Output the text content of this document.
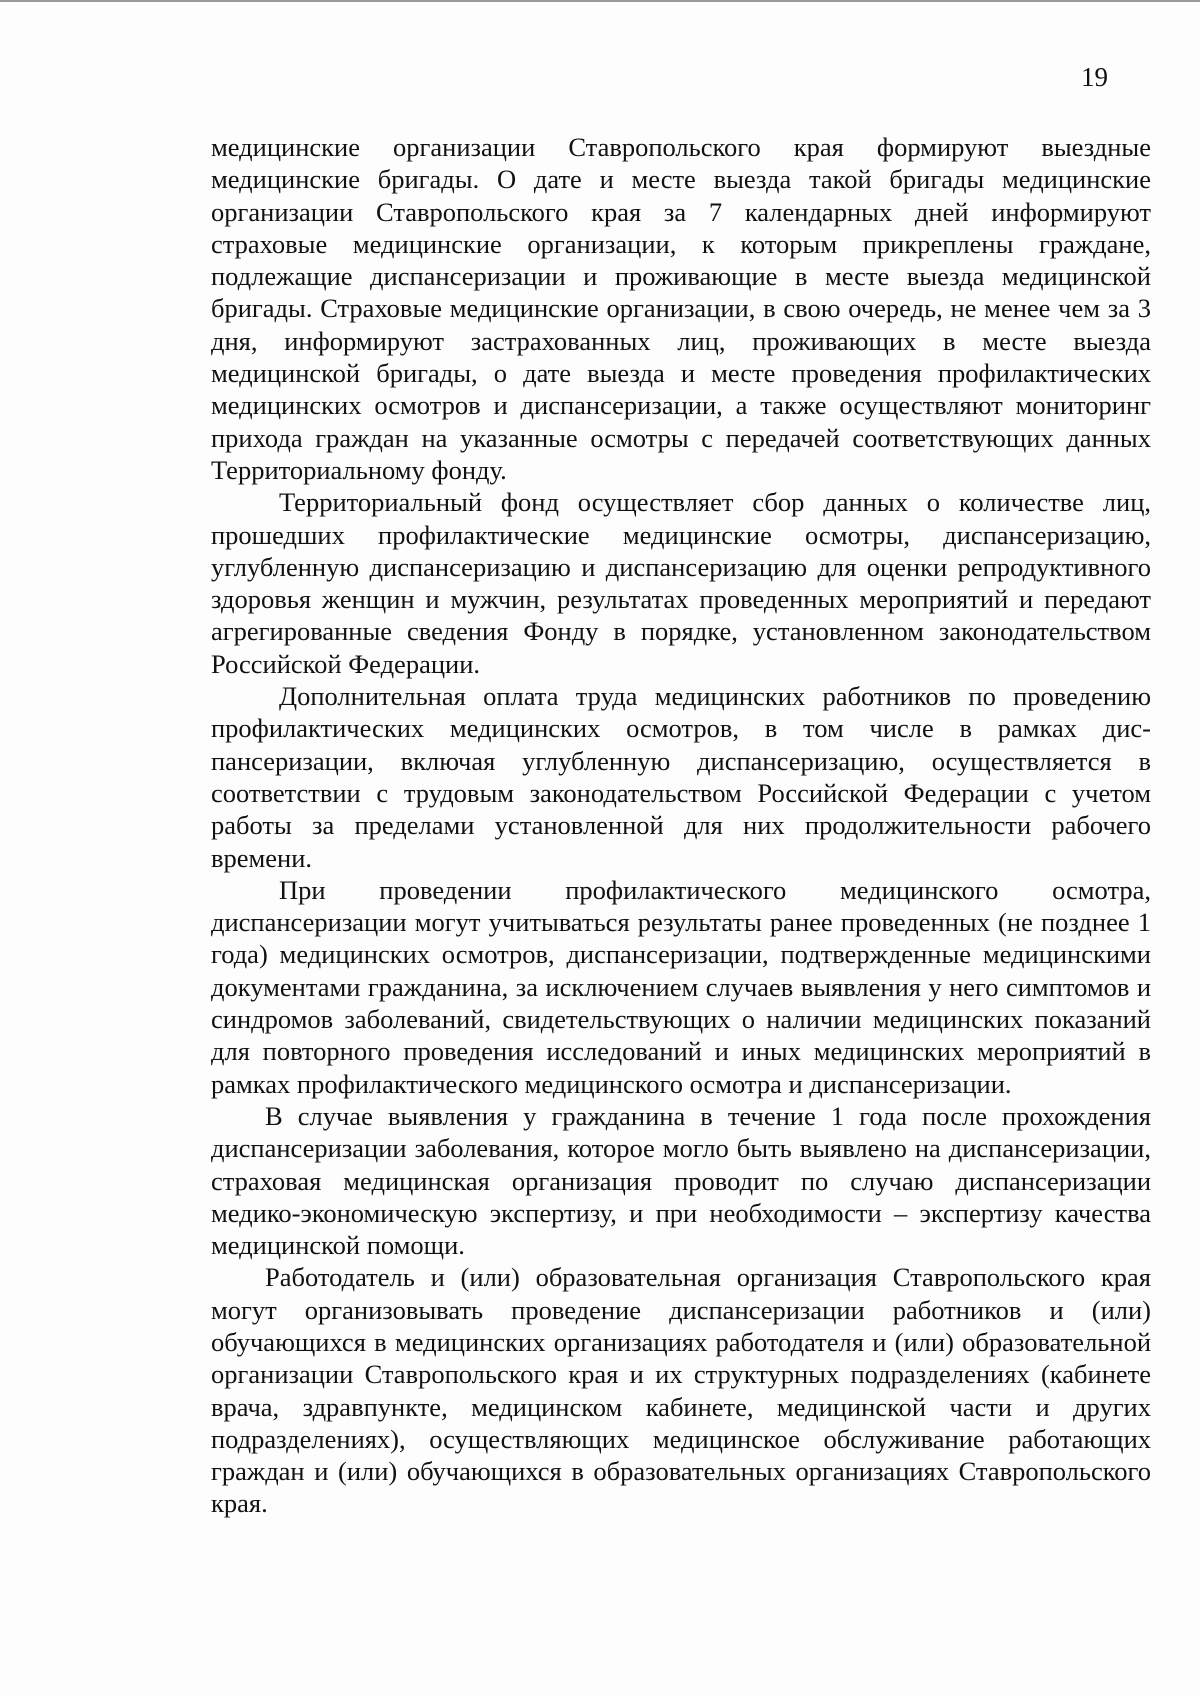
19

медицинские организации Ставропольского края формируют выездные медицинские бригады. О дате и месте выезда такой бригады медицинские организации Ставропольского края за 7 календарных дней информируют страховые медицинские организации, к которым прикреплены граждане, подлежащие диспансеризации и проживающие в месте выезда медицинской бригады. Страховые медицинские организации, в свою очередь, не менее чем за 3 дня, информируют застрахованных лиц, проживающих в месте выезда медицинской бригады, о дате выезда и месте проведения профилактических медицинских осмотров и диспансеризации, а также осуществляют мониторинг прихода граждан на указанные осмотры с передачей соответствующих данных Территориальному фонду.

Территориальный фонд осуществляет сбор данных о количестве лиц, прошедших профилактические медицинские осмотры, диспансеризацию, углубленную диспансеризацию и диспансеризацию для оценки репродуктивного здоровья женщин и мужчин, результатах проведенных мероприятий и передают агрегированные сведения Фонду в порядке, установленном законодательством Российской Федерации.

Дополнительная оплата труда медицинских работников по проведению профилактических медицинских осмотров, в том числе в рамках диспансеризации, включая углубленную диспансеризацию, осуществляется в соответствии с трудовым законодательством Российской Федерации с учетом работы за пределами установленной для них продолжительности рабочего времени.

При проведении профилактического медицинского осмотра, диспансеризации могут учитываться результаты ранее проведенных (не позднее 1 года) медицинских осмотров, диспансеризации, подтвержденные медицинскими документами гражданина, за исключением случаев выявления у него симптомов и синдромов заболеваний, свидетельствующих о наличии медицинских показаний для повторного проведения исследований и иных медицинских мероприятий в рамках профилактического медицинского осмотра и диспансеризации.

В случае выявления у гражданина в течение 1 года после прохождения диспансеризации заболевания, которое могло быть выявлено на диспансеризации, страховая медицинская организация проводит по случаю диспансеризации медико-экономическую экспертизу, и при необходимости – экспертизу качества медицинской помощи.

Работодатель и (или) образовательная организация Ставропольского края могут организовывать проведение диспансеризации работников и (или) обучающихся в медицинских организациях работодателя и (или) образовательной организации Ставропольского края и их структурных подразделениях (кабинете врача, здравпункте, медицинском кабинете, медицинской части и других подразделениях), осуществляющих медицинское обслуживание работающих граждан и (или) обучающихся в образовательных организациях Ставропольского края.
